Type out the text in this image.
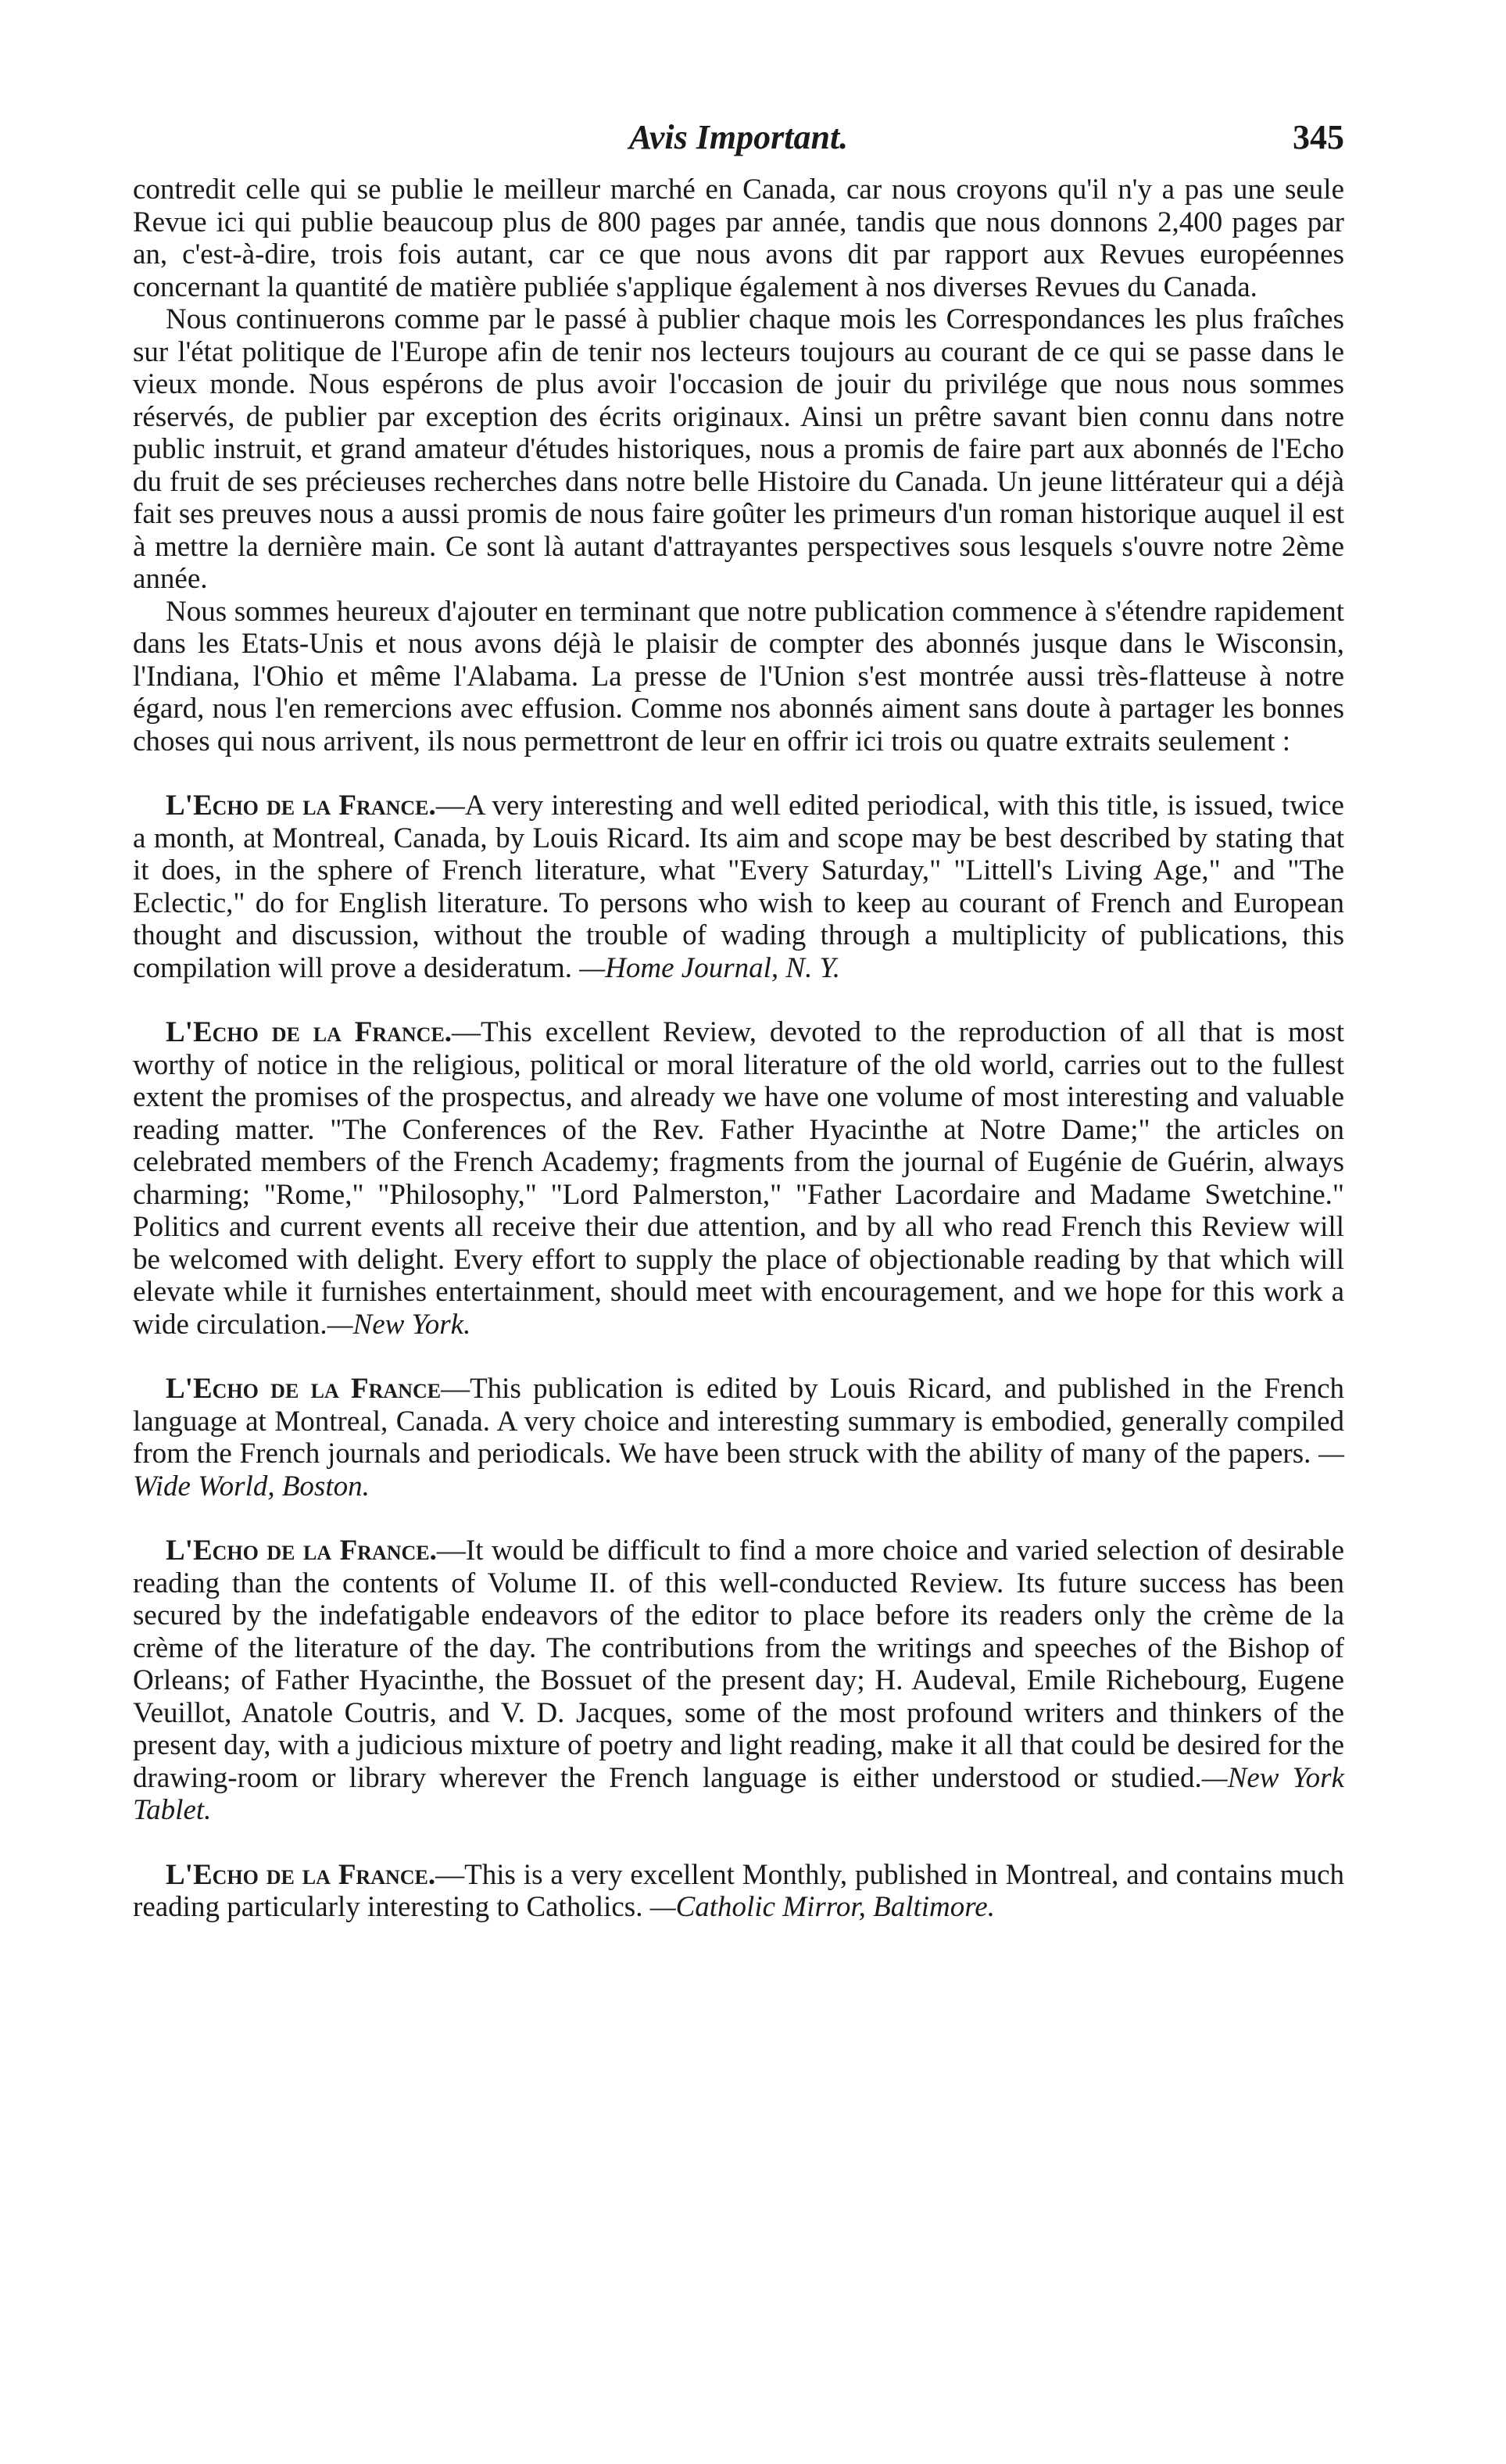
Avis Important.	345

contredit celle qui se publie le meilleur marché en Canada, car nous croyons qu'il n'y a pas une seule Revue ici qui publie beaucoup plus de 800 pages par année, tandis que nous donnons 2,400 pages par an, c'est-à-dire, trois fois autant, car ce que nous avons dit par rapport aux Revues européennes concernant la quantité de matière publiée s'applique également à nos diverses Revues du Canada.

Nous continuerons comme par le passé à publier chaque mois les Correspondances les plus fraîches sur l'état politique de l'Europe afin de tenir nos lecteurs toujours au courant de ce qui se passe dans le vieux monde. Nous espérons de plus avoir l'occasion de jouir du privilége que nous nous sommes réservés, de publier par exception des écrits originaux. Ainsi un prêtre savant bien connu dans notre public instruit, et grand amateur d'études historiques, nous a promis de faire part aux abonnés de l'Echo du fruit de ses précieuses recherches dans notre belle Histoire du Canada. Un jeune littérateur qui a déjà fait ses preuves nous a aussi promis de nous faire goûter les primeurs d'un roman historique auquel il est à mettre la dernière main. Ce sont là autant d'attrayantes perspectives sous lesquels s'ouvre notre 2ème année.

Nous sommes heureux d'ajouter en terminant que notre publication commence à s'étendre rapidement dans les Etats-Unis et nous avons déjà le plaisir de compter des abonnés jusque dans le Wisconsin, l'Indiana, l'Ohio et même l'Alabama. La presse de l'Union s'est montrée aussi très-flatteuse à notre égard, nous l'en remercions avec effusion. Comme nos abonnés aiment sans doute à partager les bonnes choses qui nous arrivent, ils nous permettront de leur en offrir ici trois ou quatre extraits seulement :

L'Echo de la France.—A very interesting and well edited periodical, with this title, is issued, twice a month, at Montreal, Canada, by Louis Ricard. Its aim and scope may be best described by stating that it does, in the sphere of French literature, what "Every Saturday," "Littell's Living Age," and "The Eclectic," do for English literature. To persons who wish to keep au courant of French and European thought and discussion, without the trouble of wading through a multiplicity of publications, this compilation will prove a desideratum. —Home Journal, N. Y.

L'Echo de la France.—This excellent Review, devoted to the reproduction of all that is most worthy of notice in the religious, political or moral literature of the old world, carries out to the fullest extent the promises of the prospectus, and already we have one volume of most interesting and valuable reading matter. "The Conferences of the Rev. Father Hyacinthe at Notre Dame;" the articles on celebrated members of the French Academy; fragments from the journal of Eugénie de Guérin, always charming; "Rome," "Philosophy," "Lord Palmerston," "Father Lacordaire and Madame Swetchine." Politics and current events all receive their due attention, and by all who read French this Review will be welcomed with delight. Every effort to supply the place of objectionable reading by that which will elevate while it furnishes entertainment, should meet with encouragement, and we hope for this work a wide circulation.—New York.

L'Echo de la France—This publication is edited by Louis Ricard, and published in the French language at Montreal, Canada. A very choice and interesting summary is embodied, generally compiled from the French journals and periodicals. We have been struck with the ability of many of the papers. —Wide World, Boston.

L'Echo de la France.—It would be difficult to find a more choice and varied selection of desirable reading than the contents of Volume II. of this well-conducted Review. Its future success has been secured by the indefatigable endeavors of the editor to place before its readers only the crème de la crème of the literature of the day. The contributions from the writings and speeches of the Bishop of Orleans; of Father Hyacinthe, the Bossuet of the present day; H. Audeval, Emile Richebourg, Eugene Veuillot, Anatole Coutris, and V. D. Jacques, some of the most profound writers and thinkers of the present day, with a judicious mixture of poetry and light reading, make it all that could be desired for the drawing-room or library wherever the French language is either understood or studied.—New York Tablet.

L'Echo de la France.—This is a very excellent Monthly, published in Montreal, and contains much reading particularly interesting to Catholics. —Catholic Mirror, Baltimore.
